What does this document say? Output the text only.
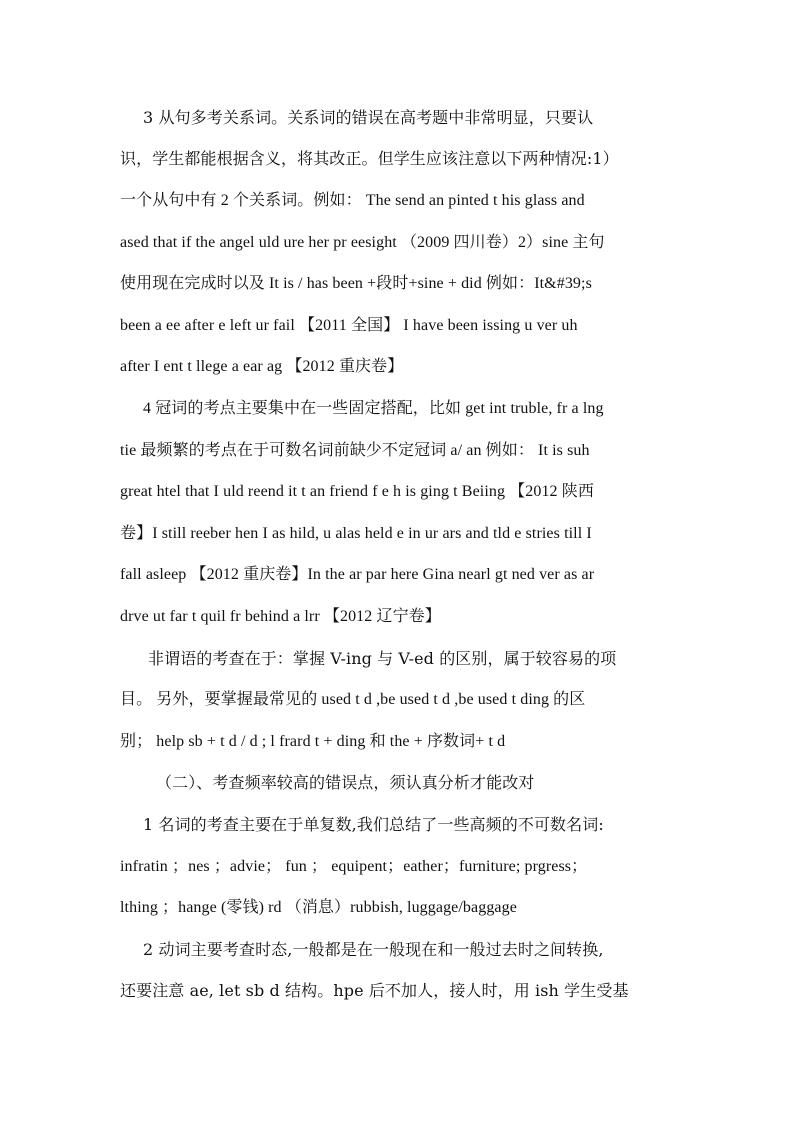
3 从句多考关系词。关系词的错误在高考题中非常明显，只要认
识，学生都能根据含义，将其改正。但学生应该注意以下两种情况:1）
一个从句中有 2 个关系词。例如： The send an pinted t his glass and
ased that if the angel uld ure her pr eesight （2009 四川卷）2）sine 主句
使用现在完成时以及 It is / has been +段时+sine + did 例如：It&#39;s
been a ee after e left ur fail 【2011 全国】 I have been issing u ver uh
after I ent t llege a ear ag 【2012 重庆卷】
4 冠词的考点主要集中在一些固定搭配，比如 get int truble, fr a lng
tie 最频繁的考点在于可数名词前缺少不定冠词 a/ an 例如： It is suh
great htel that I uld reend it t an friend f e h is ging t Beiing 【2012 陕西
卷】I still reeber hen I as hild, u alas held e in ur ars and tld e stries till I
fall asleep 【2012 重庆卷】In the ar par here Gina nearl gt ned ver as ar
drve ut far t quil fr behind a lrr 【2012 辽宁卷】
非谓语的考查在于：掌握 V-ing 与 V-ed 的区别，属于较容易的项
目。 另外，要掌握最常见的 used t d ,be used t d ,be used t ding 的区
别； help sb + t d / d ; l frard t + ding 和 the + 序数词+ t d
（二）、考查频率较高的错误点，须认真分析才能改对
1 名词的考查主要在于单复数,我们总结了一些高频的不可数名词:
infratin ；nes ；advie； fun ； equipent；eather；furniture; prgress；
lthing ；hange (零钱) rd （消息）rubbish, luggage/baggage
2 动词主要考查时态,一般都是在一般现在和一般过去时之间转换,
还要注意 ae, let sb d 结构。hpe 后不加人，接人时，用 ish 学生受基
